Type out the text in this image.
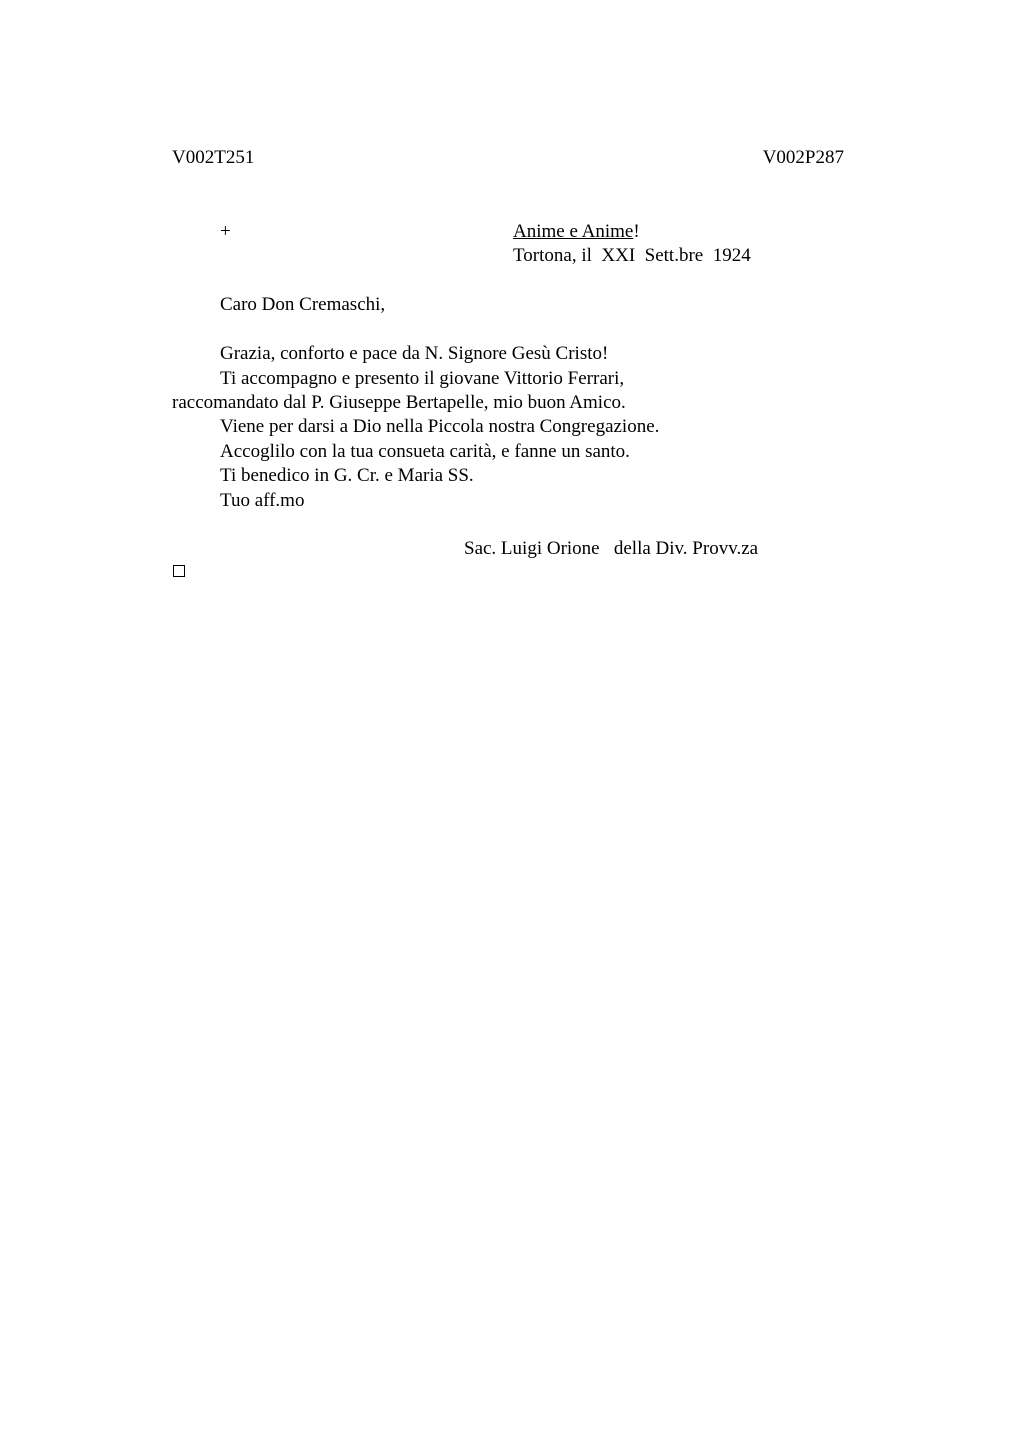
V002T251	V002P287
+	Anime e Anime!
Tortona, il  XXI  Sett.bre  1924
Caro Don Cremaschi,
Grazia, conforto e pace da N. Signore Gesù Cristo!
Ti accompagno e presento il giovane Vittorio Ferrari,
raccomandato dal P. Giuseppe Bertapelle, mio buon Amico.
Viene per darsi a Dio nella Piccola nostra Congregazione.
Accoglilo con la tua consueta carità, e fanne un santo.
Ti benedico in G. Cr. e Maria SS.
Tuo aff.mo
Sac. Luigi Orione   della Div. Provv.za
